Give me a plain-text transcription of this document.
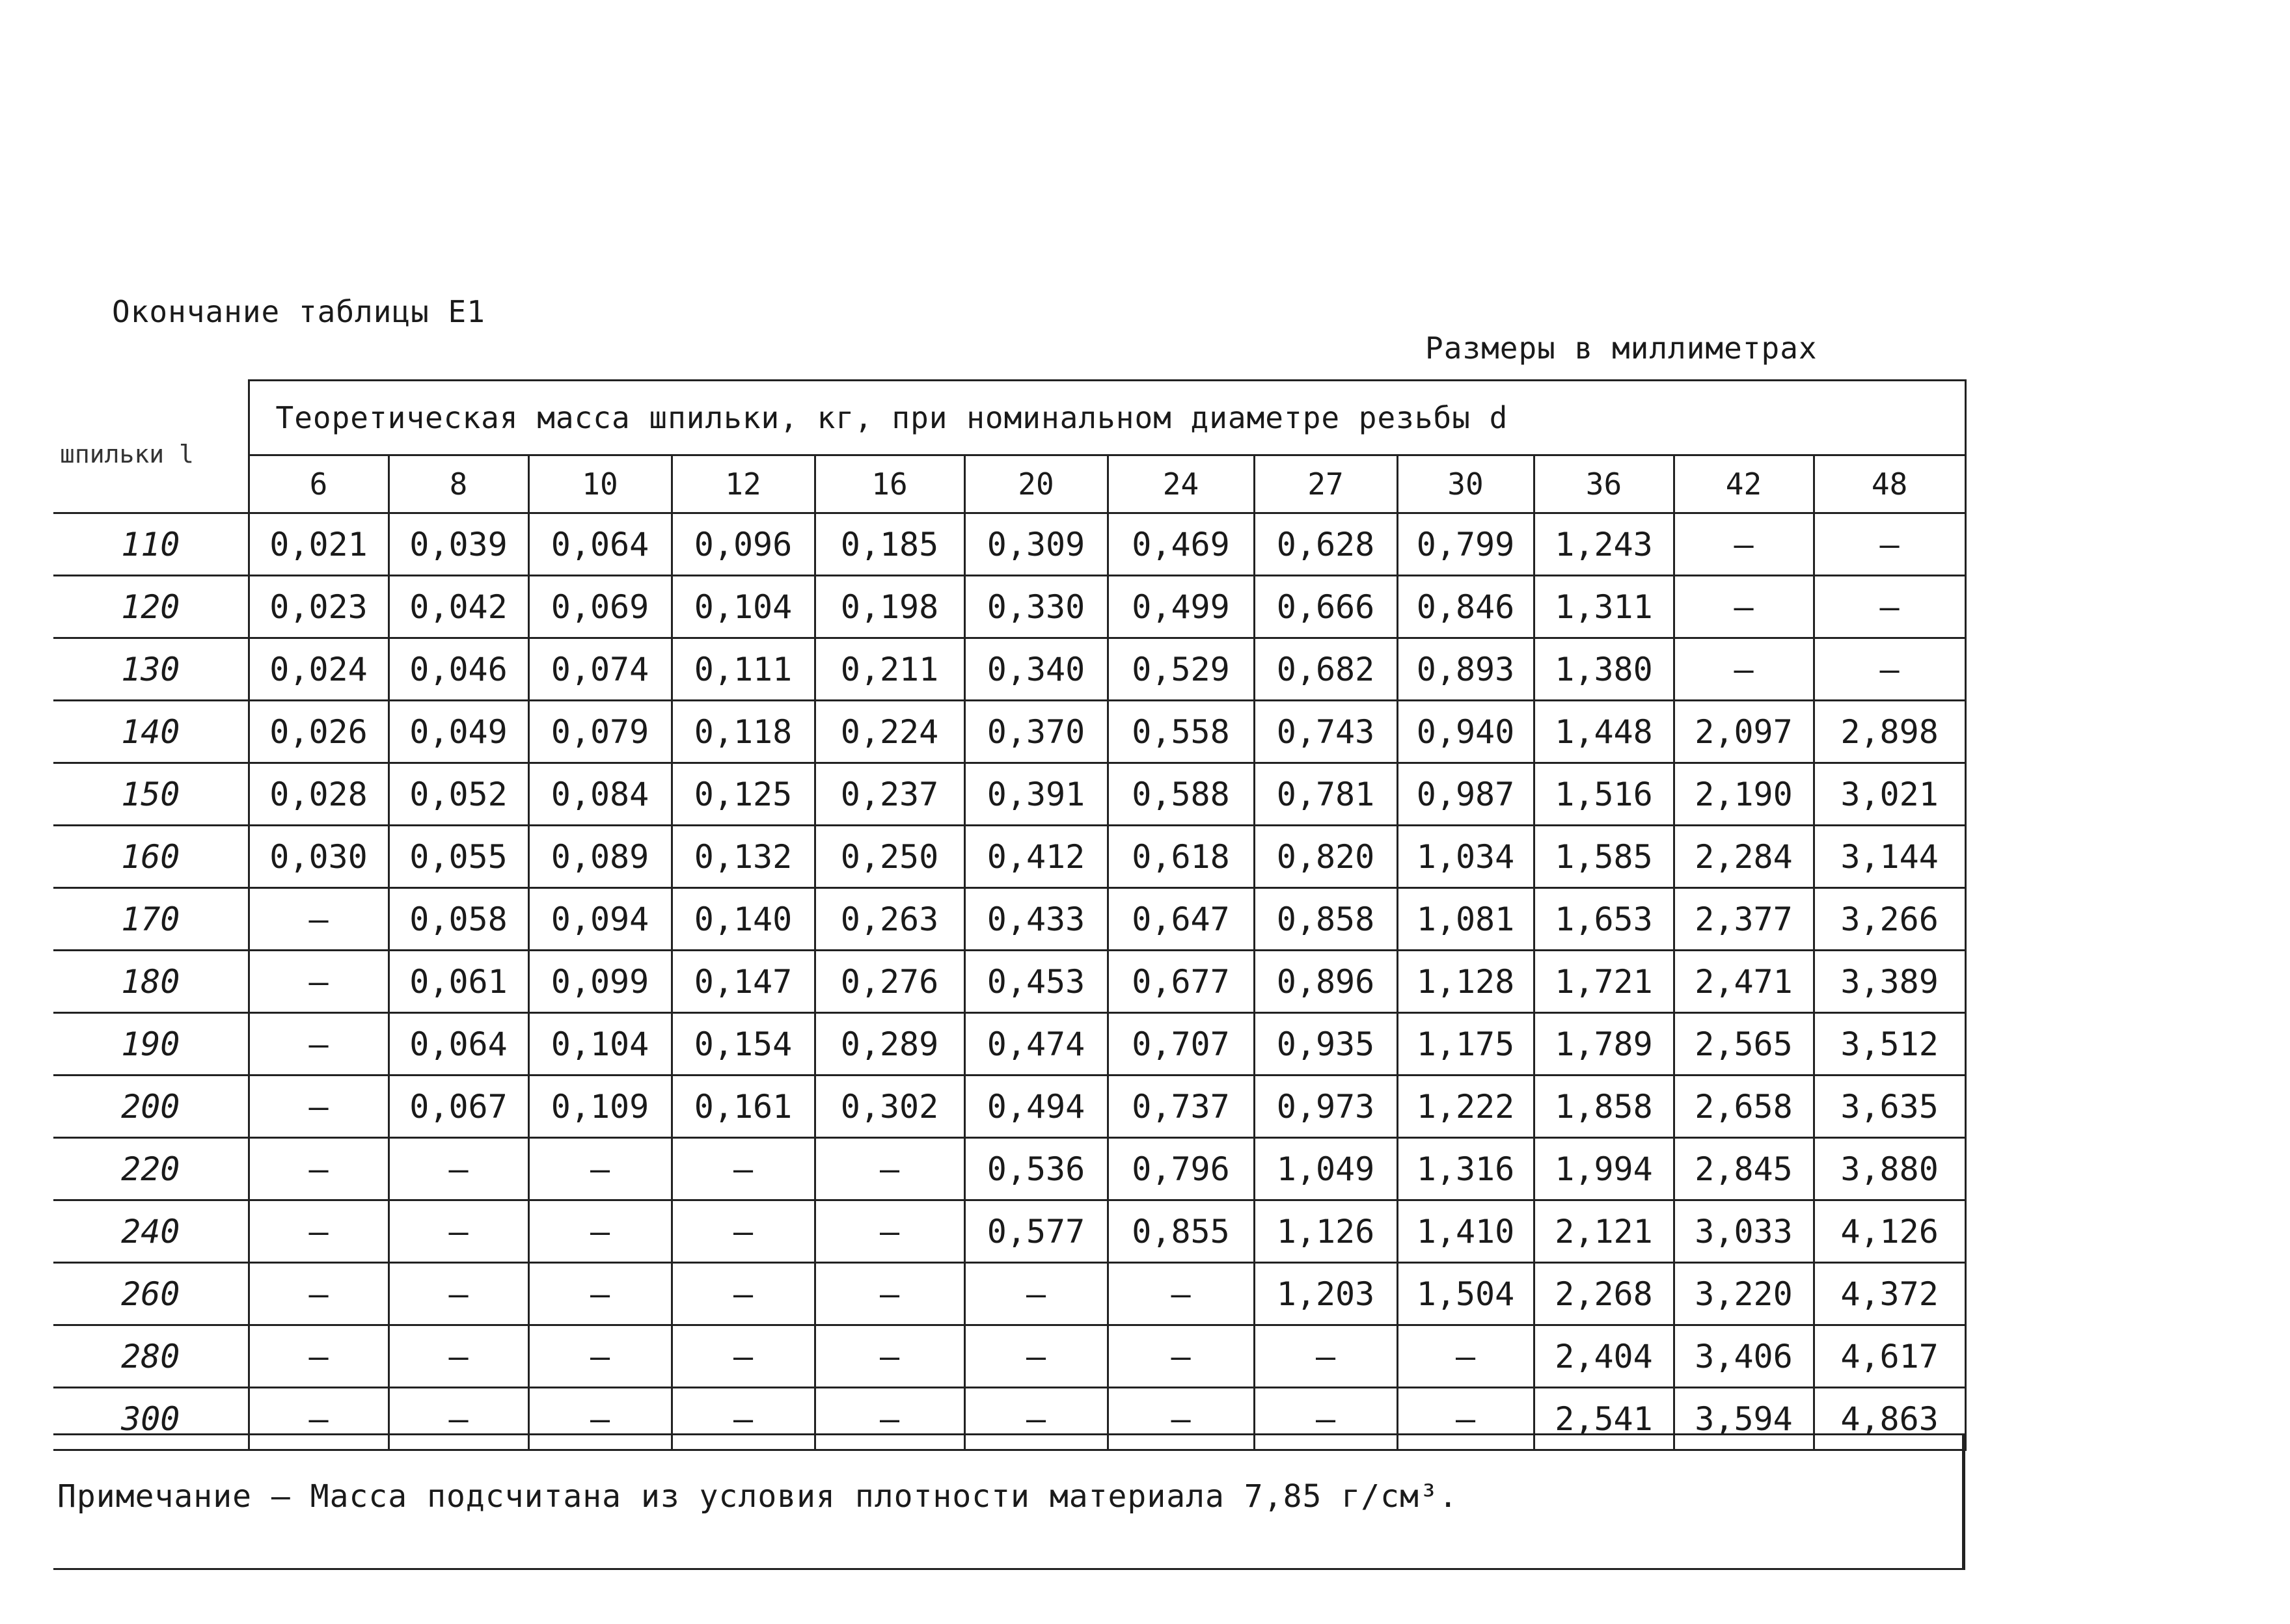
Окончание таблицы Е1
Размеры в миллиметрах
шпильки l	Теоретическая масса шпильки, кг, при номинальном диаметре резьбы d											
	6	8	10	12	16	20	24	27	30	36	42	48
110	0,021	0,039	0,064	0,096	0,185	0,309	0,469	0,628	0,799	1,243	–	–
120	0,023	0,042	0,069	0,104	0,198	0,330	0,499	0,666	0,846	1,311	–	–
130	0,024	0,046	0,074	0,111	0,211	0,340	0,529	0,682	0,893	1,380	–	–
140	0,026	0,049	0,079	0,118	0,224	0,370	0,558	0,743	0,940	1,448	2,097	2,898
150	0,028	0,052	0,084	0,125	0,237	0,391	0,588	0,781	0,987	1,516	2,190	3,021
160	0,030	0,055	0,089	0,132	0,250	0,412	0,618	0,820	1,034	1,585	2,284	3,144
170	–	0,058	0,094	0,140	0,263	0,433	0,647	0,858	1,081	1,653	2,377	3,266
180	–	0,061	0,099	0,147	0,276	0,453	0,677	0,896	1,128	1,721	2,471	3,389
190	–	0,064	0,104	0,154	0,289	0,474	0,707	0,935	1,175	1,789	2,565	3,512
200	–	0,067	0,109	0,161	0,302	0,494	0,737	0,973	1,222	1,858	2,658	3,635
220	–	–	–	–	–	0,536	0,796	1,049	1,316	1,994	2,845	3,880
240	–	–	–	–	–	0,577	0,855	1,126	1,410	2,121	3,033	4,126
260	–	–	–	–	–	–	–	1,203	1,504	2,268	3,220	4,372
280	–	–	–	–	–	–	–	–	–	2,404	3,406	4,617
300	–	–	–	–	–	–	–	–	–	2,541	3,594	4,863
Примечание – Масса подсчитана из условия плотности материала 7,85 г/см³.
